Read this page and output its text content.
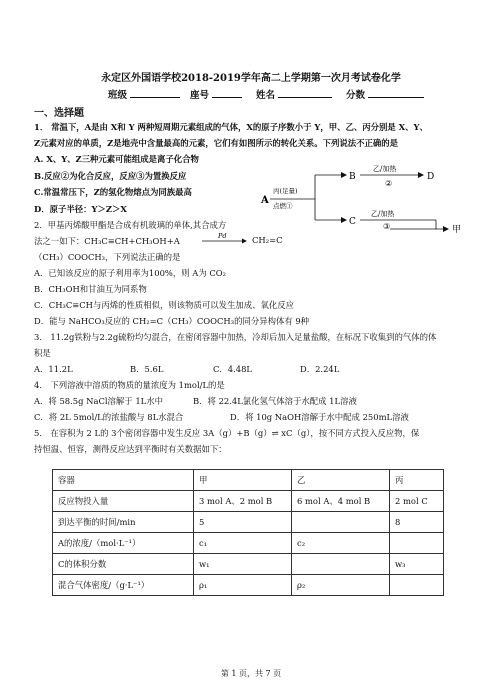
永定区外国语学校2018-2019学年高二上学期第一次月考试卷化学
班级	座号	姓名	分数
一、选择题
1． 常温下，A是由 X和 Y 两种短周期元素组成的气体，X的原子序数小于 Y，甲、乙、丙分别是 X、Y、
Z元素对应的单质，Z是地壳中含量最高的元素，它们有如图所示的转化关系。下列说法不正确的是
A. X、Y、Z三种元素可能组成是离子化合物
B.反应②为化合反应，反应③为置换反应
C.常温常压下，Z的氢化物熔点为同族最高
D．原子半径：Y＞Z＞X
A
丙(足量)
点燃①
B
C
乙/加热
②
D
乙/加热
③	甲
2．甲基丙烯酸甲酯是合成有机玻璃的单体,其合成方
法之一如下：CH₃C≡CH+CH₃OH+A	Pd	CH₂=C
（CH₃）COOCH₃，下列说法正确的是
A．已知该反应的原子利用率为100%，则 A为 CO₂
B．CH₃OH和甘油互为同系物
C．CH₃C≡CH与丙烯的性质相似，则该物质可以发生加成、氧化反应
D．能与 NaHCO₃反应的 CH₂=C（CH₃）COOCH₃的同分异构体有 9种
3． 11.2g铁粉与2.2g硫粉均匀混合，在密闭容器中加热，冷却后加入足量盐酸，在标况下收集到的气体的体
积是
A．11.2L	B．5.6L	C．4.48L	D．2.24L
4． 下列溶液中溶质的物质的量浓度为 1mol/L的是
A．将 58.5g NaCl溶解于 1L水中	B．将 22.4L氯化氢气体溶于水配成 1L溶液
C．将 2L 5mol/L的浓盐酸与 8L水混合	D．将 10g NaOH溶解于水中配成 250mL溶液
5． 在容积为 2 L的 3个密闭容器中发生反应 3A（g）+B（g）⇌ xC（g），按不同方式投入反应物，保
持恒温、恒容，测得反应达到平衡时有关数据如下：
容器	甲	乙	丙
反应物投入量	3 mol A、2 mol B	6 mol A、4 mol B	2 mol C
到达平衡的时间/min	5		8
A的浓度/（mol·L⁻¹）	c₁	c₂	
C的体积分数	w₁		w₃
混合气体密度/（g·L⁻¹）	ρ₁	ρ₂	
第 1 页，共 7 页
